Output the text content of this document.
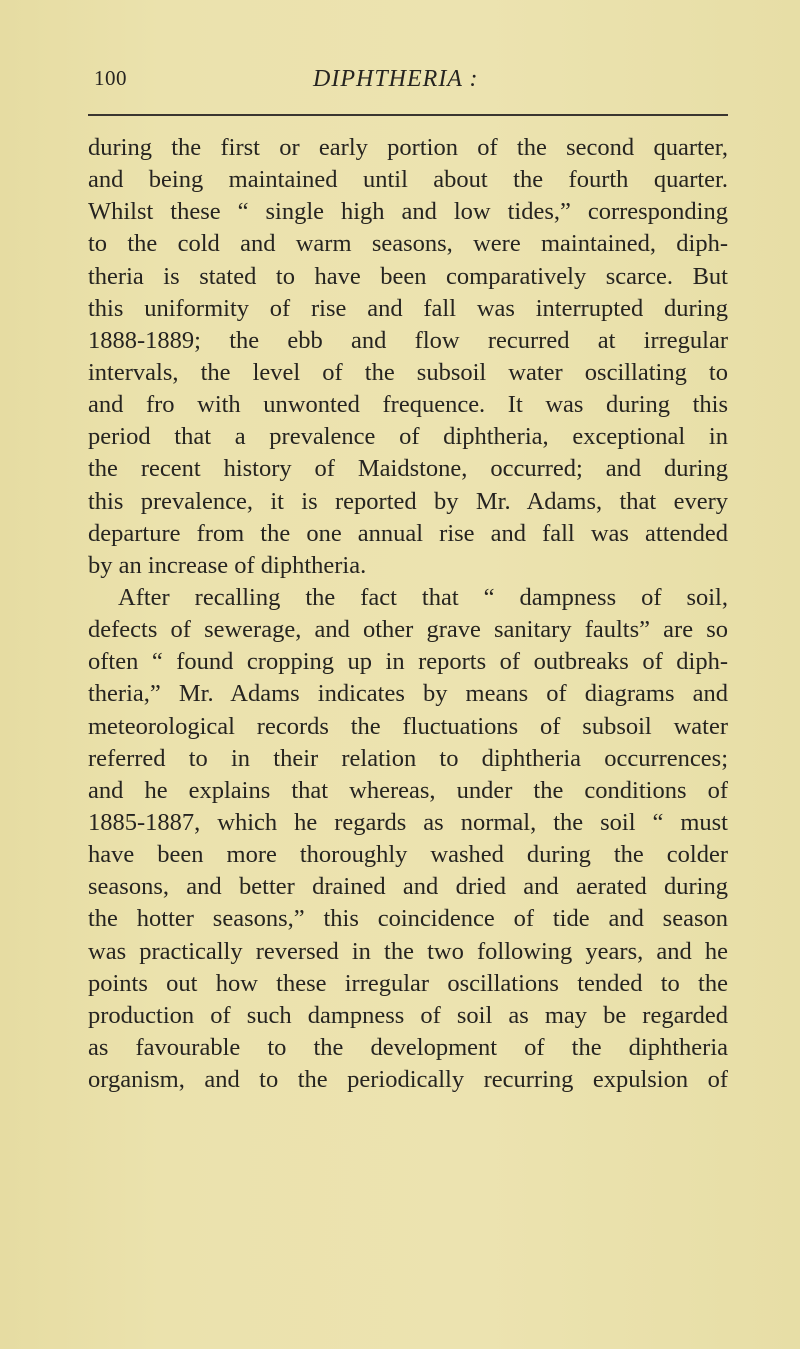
100	DIPHTHERIA :
during the first or early portion of the second quarter,
and being maintained until about the fourth quarter.
Whilst these “ single high and low tides,” corresponding
to the cold and warm seasons, were maintained, diph-
theria is stated to have been comparatively scarce. But
this uniformity of rise and fall was interrupted during
1888-1889; the ebb and flow recurred at irregular
intervals, the level of the subsoil water oscillating to
and fro with unwonted frequence. It was during this
period that a prevalence of diphtheria, exceptional in
the recent history of Maidstone, occurred; and during
this prevalence, it is reported by Mr. Adams, that every
departure from the one annual rise and fall was attended
by an increase of diphtheria.
After recalling the fact that “ dampness of soil,
defects of sewerage, and other grave sanitary faults” are so
often “ found cropping up in reports of outbreaks of diph-
theria,” Mr. Adams indicates by means of diagrams and
meteorological records the fluctuations of subsoil water
referred to in their relation to diphtheria occurrences;
and he explains that whereas, under the conditions of
1885-1887, which he regards as normal, the soil “ must
have been more thoroughly washed during the colder
seasons, and better drained and dried and aerated during
the hotter seasons,” this coincidence of tide and season
was practically reversed in the two following years, and he
points out how these irregular oscillations tended to the
production of such dampness of soil as may be regarded
as favourable to the development of the diphtheria
organism, and to the periodically recurring expulsion of
